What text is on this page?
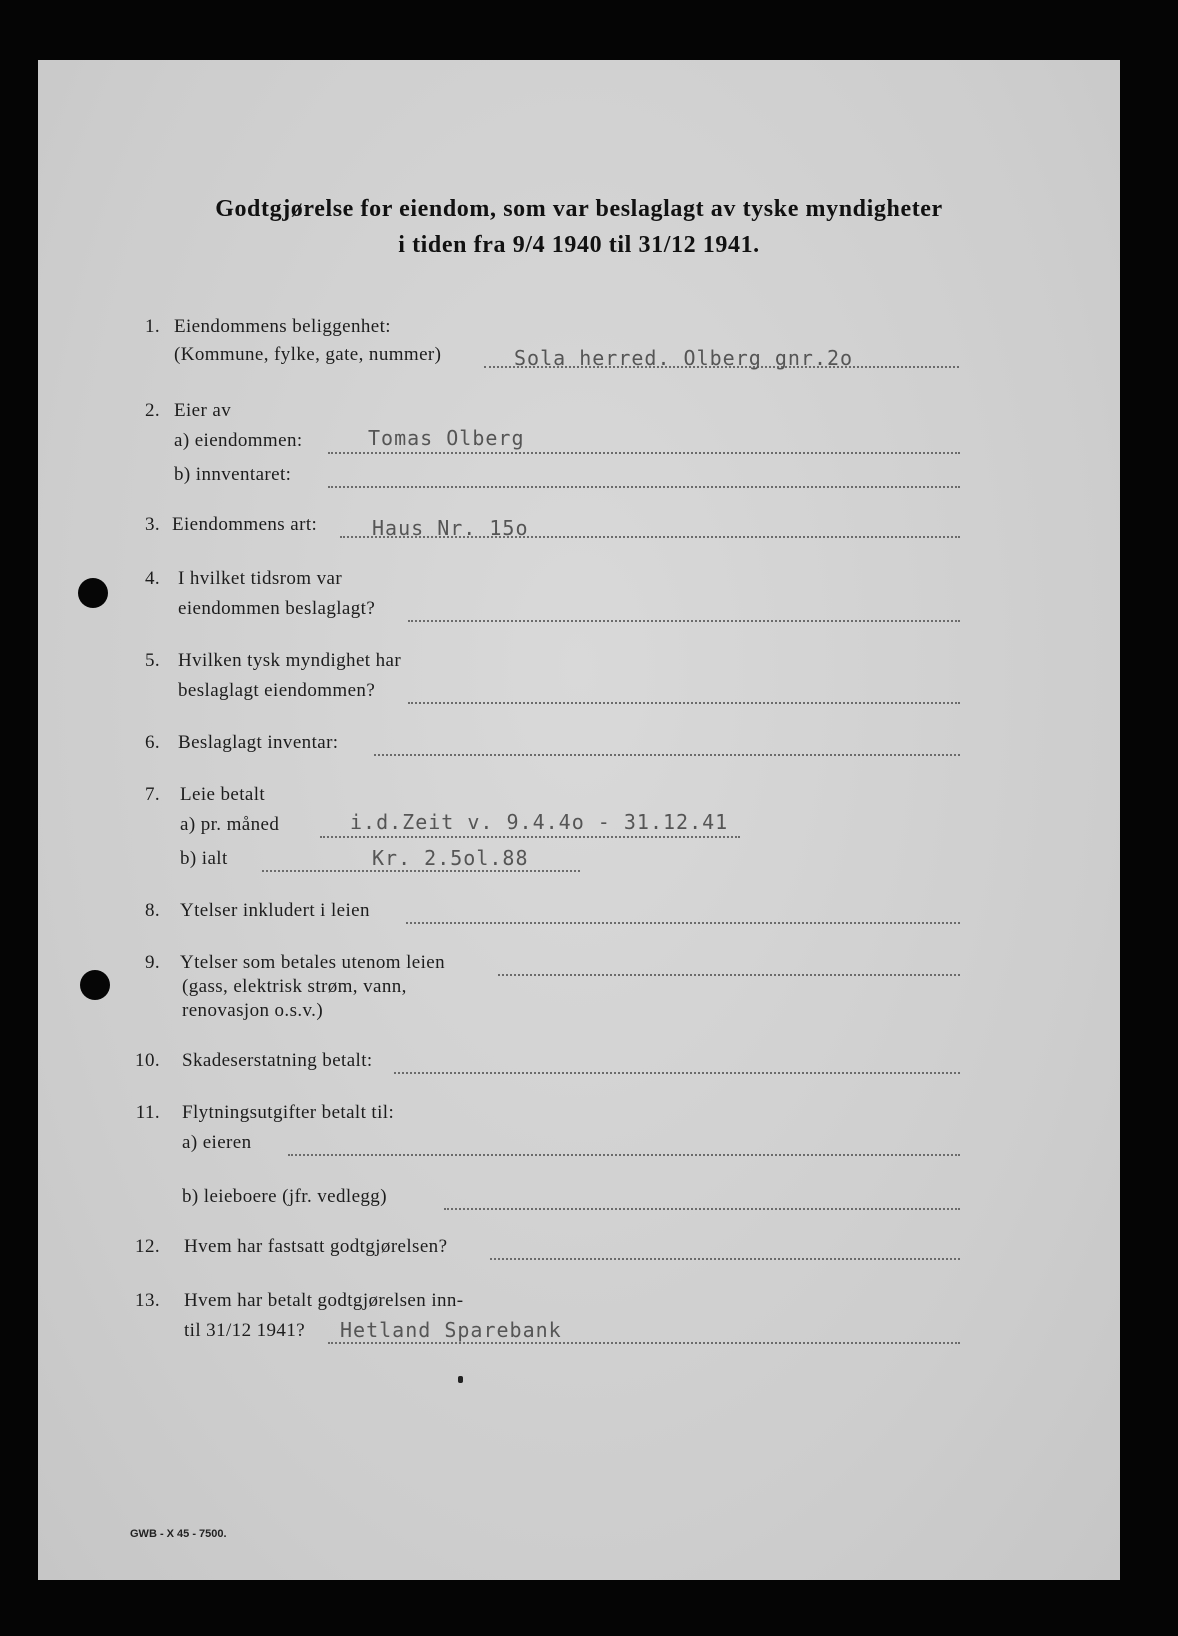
Godtgjørelse for eiendom, som var beslaglagt av tyske myndigheter
i tiden fra 9/4 1940 til 31/12 1941.
1. Eiendommens beliggenhet:
(Kommune, fylke, gate, nummer)	Sola herred. Olberg gnr.2o
2. Eier av
a) eiendommen:	Tomas Olberg
b) innventaret:
3. Eiendommens art:	Haus Nr. 15o
4. I hvilket tidsrom var
eiendommen beslaglagt?
5. Hvilken tysk myndighet har
beslaglagt eiendommen?
6. Beslaglagt inventar:
7. Leie betalt
a) pr. måned	i.d.Zeit v. 9.4.4o - 31.12.41
b) ialt	Kr. 2.5ol.88
8. Ytelser inkludert i leien
9. Ytelser som betales utenom leien
(gass, elektrisk strøm, vann,
renovasjon o.s.v.)
10. Skadeserstatning betalt:
11. Flytningsutgifter betalt til:
a) eieren
b) leieboere (jfr. vedlegg)
12. Hvem har fastsatt godtgjørelsen?
13. Hvem har betalt godtgjørelsen inn-
til 31/12 1941? Hetland Sparebank
GWB - X 45 - 7500.
